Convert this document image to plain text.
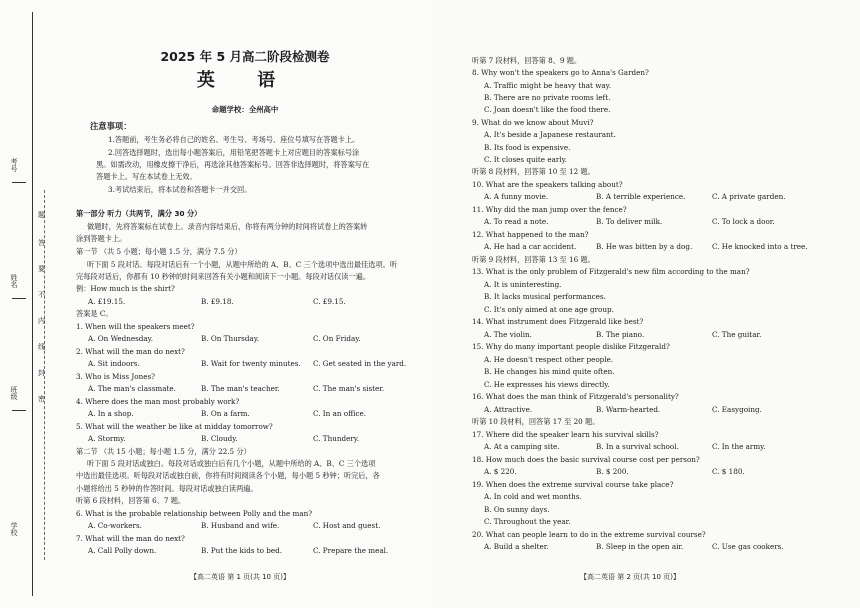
考号
姓名
班级
学校
题
答
要
不
内
线
封
密
2025 年 5 月高二阶段检测卷
英 语
命题学校：全州高中
注意事项：
1.答题前，考生务必将自己的姓名、考生号、考场号、座位号填写在答题卡上。
2.回答选择题时，选出每小题答案后，用铅笔把答题卡上对应题目的答案标号涂
黑。如需改动，用橡皮擦干净后，再选涂其他答案标号。回答非选择题时，将答案写在
答题卡上。写在本试卷上无效。
3.考试结束后，将本试卷和答题卡一并交回。
第一部分 听力（共两节，满分 30 分）
做题时，先将答案标在试卷上。录音内容结束后，你将有两分钟的时间将试卷上的答案转
涂到答题卡上。
第一节 （共 5 小题；每小题 1.5 分，满分 7.5 分）
听下面 5 段对话。每段对话后有一个小题，从题中所给的 A、B、C 三个选项中选出最佳选项。听
完每段对话后，你都有 10 秒钟的时间来回答有关小题和阅读下一小题。每段对话仅读一遍。
例：How much is the shirt?
A. £19.15.	B. £9.18.	C. £9.15.
答案是 C。
1. When will the speakers meet?
A. On Wednesday.	B. On Thursday.	C. On Friday.
2. What will the man do next?
A. Sit indoors.	B. Wait for twenty minutes. C. Get seated in the yard.
3. Who is Miss Jones?
A. The man's classmate.	B. The man's teacher.	C. The man's sister.
4. Where does the man most probably work?
A. In a shop.	B. On a farm.	C. In an office.
5. What will the weather be like at midday tomorrow?
A. Stormy.	B. Cloudy.	C. Thundery.
第二节 （共 15 小题；每小题 1.5 分，满分 22.5 分）
听下面 5 段对话或独白。每段对话或独白后有几个小题，从题中所给的 A、B、C 三个选项
中选出最佳选项。听每段对话或独白前，你将有时间阅读各个小题，每小题 5 秒钟；听完后，各
小题将给出 5 秒钟的作答时间。每段对话或独白读两遍。
听第 6 段材料，回答第 6、7 题。
6. What is the probable relationship between Polly and the man?
A. Co-workers.	B. Husband and wife.	C. Host and guest.
7. What will the man do next?
A. Call Polly down.	B. Put the kids to bed.	C. Prepare the meal.
【高二英语 第 1 页(共 10 页)】
听第 7 段材料，回答第 8、9 题。
8. Why won't the speakers go to Anna's Garden?
A. Traffic might be heavy that way.
B. There are no private rooms left.
C. Joan doesn't like the food there.
9. What do we know about Muvi?
A. It's beside a Japanese restaurant.
B. Its food is expensive.
C. It closes quite early.
听第 8 段材料，回答第 10 至 12 题。
10. What are the speakers talking about?
A. A funny movie.	B. A terrible experience.	C. A private garden.
11. Why did the man jump over the fence?
A. To read a note.	B. To deliver milk.	C. To lock a door.
12. What happened to the man?
A. He had a car accident.	B. He was bitten by a dog.	C. He knocked into a tree.
听第 9 段材料，回答第 13 至 16 题。
13. What is the only problem of Fitzgerald's new film according to the man?
A. It is uninteresting.
B. It lacks musical performances.
C. It's only aimed at one age group.
14. What instrument does Fitzgerald like best?
A. The violin.	B. The piano.	C. The guitar.
15. Why do many important people dislike Fitzgerald?
A. He doesn't respect other people.
B. He changes his mind quite often.
C. He expresses his views directly.
16. What does the man think of Fitzgerald's personality?
A. Attractive.	B. Warm-hearted.	C. Easygoing.
听第 10 段材料，回答第 17 至 20 题。
17. Where did the speaker learn his survival skills?
A. At a camping site.	B. In a survival school.	C. In the army.
18. How much does the basic survival course cost per person?
A. $ 220.	B. $ 200.	C. $ 180.
19. When does the extreme survival course take place?
A. In cold and wet months.
B. On sunny days.
C. Throughout the year.
20. What can people learn to do in the extreme survival course?
A. Build a shelter.	B. Sleep in the open air.	C. Use gas cookers.
【高二英语 第 2 页(共 10 页)】
